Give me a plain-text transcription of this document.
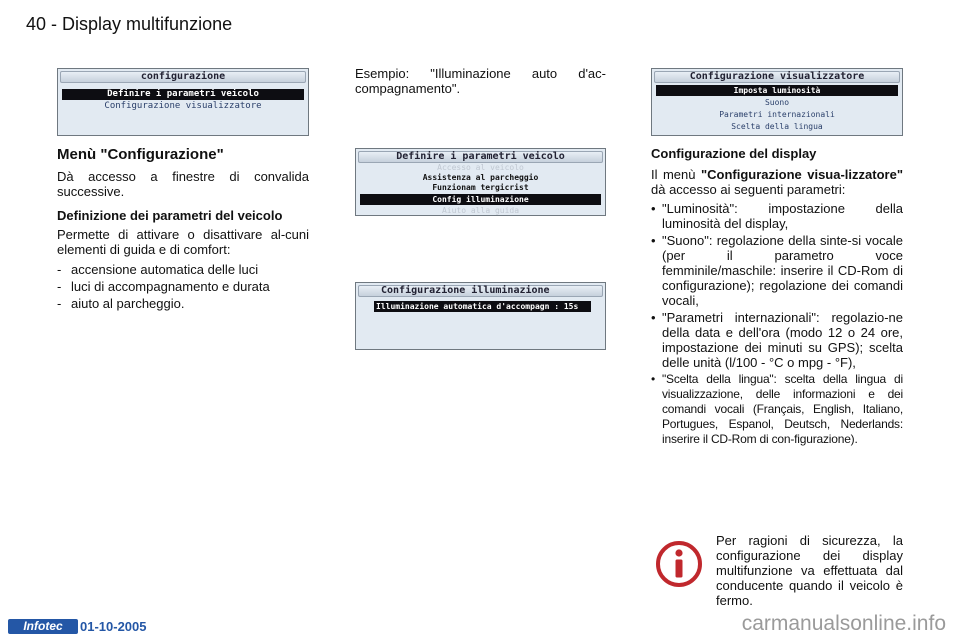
40 - Display multifunzione
configurazione
Definire i parametri veicolo
Configurazione visualizzatore
Definire i parametri veicolo
Accesso al veicolo
Assistenza al parcheggio
Funzionam tergicrist
Config illuminazione
Aiuto alla guida
Configurazione illuminazione
Illuminazione automatica d'accompagn : 15s
Configurazione visualizzatore
Imposta luminosità
Suono
Parametri internazionali
Scelta della lingua
Menù "Configurazione"

Dà accesso a finestre di convalida successive.

Definizione dei parametri del veicolo

Permette di attivare o disattivare al-cuni elementi di guida e di comfort:

- accensione automatica delle luci
- luci di accompagnamento e durata
- aiuto al parcheggio.

Esempio: "Illuminazione auto d'ac-compagnamento".

Configurazione del display

Il menù "Configurazione visua-lizzatore" dà accesso ai seguenti parametri:

• "Luminosità": impostazione della luminosità del display,
• "Suono": regolazione della sinte-si vocale (per il parametro voce femminile/maschile: inserire il CD-Rom di configurazione); regolazione dei comandi vocali,
• "Parametri internazionali": regolazio-ne della data e dell'ora (modo 12 o 24 ore, impostazione dei minuti su GPS); scelta delle unità (l/100 - °C o mpg - °F),
• "Scelta della lingua": scelta della lingua di visualizzazione, delle informazioni e dei comandi vocali (Français, English, Italiano, Portugues, Espanol, Deutsch, Nederlands: inserire il CD-Rom di con-figurazione).

Per ragioni di sicurezza, la configurazione dei display multifunzione va effettuata dal conducente quando il veicolo è fermo.

Infotec	01-10-2005	carmanualsonline.info
